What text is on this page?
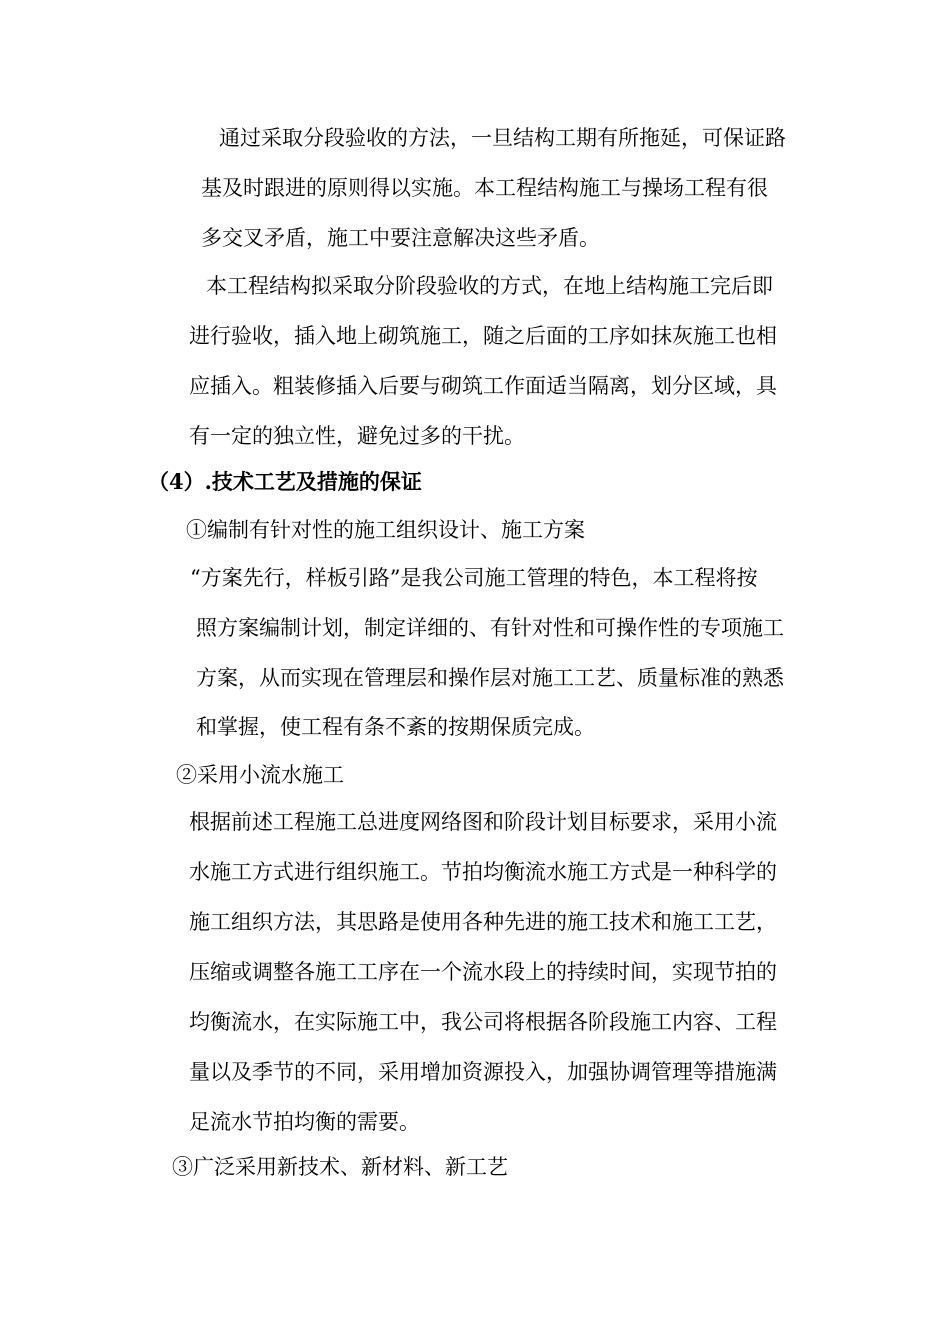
通过采取分段验收的方法，一旦结构工期有所拖延，可保证路
基及时跟进的原则得以实施。本工程结构施工与操场工程有很
多交叉矛盾，施工中要注意解决这些矛盾。
本工程结构拟采取分阶段验收的方式，在地上结构施工完后即
进行验收，插入地上砌筑施工，随之后面的工序如抹灰施工也相
应插入。粗装修插入后要与砌筑工作面适当隔离，划分区域，具
有一定的独立性，避免过多的干扰。
（4）.技术工艺及措施的保证
①编制有针对性的施工组织设计、施工方案
“方案先行，样板引路”是我公司施工管理的特色，本工程将按
照方案编制计划，制定详细的、有针对性和可操作性的专项施工
方案，从而实现在管理层和操作层对施工工艺、质量标准的熟悉
和掌握，使工程有条不紊的按期保质完成。
②采用小流水施工
根据前述工程施工总进度网络图和阶段计划目标要求，采用小流
水施工方式进行组织施工。节拍均衡流水施工方式是一种科学的
施工组织方法，其思路是使用各种先进的施工技术和施工工艺，
压缩或调整各施工工序在一个流水段上的持续时间，实现节拍的
均衡流水，在实际施工中，我公司将根据各阶段施工内容、工程
量以及季节的不同，采用增加资源投入，加强协调管理等措施满
足流水节拍均衡的需要。
③广泛采用新技术、新材料、新工艺
